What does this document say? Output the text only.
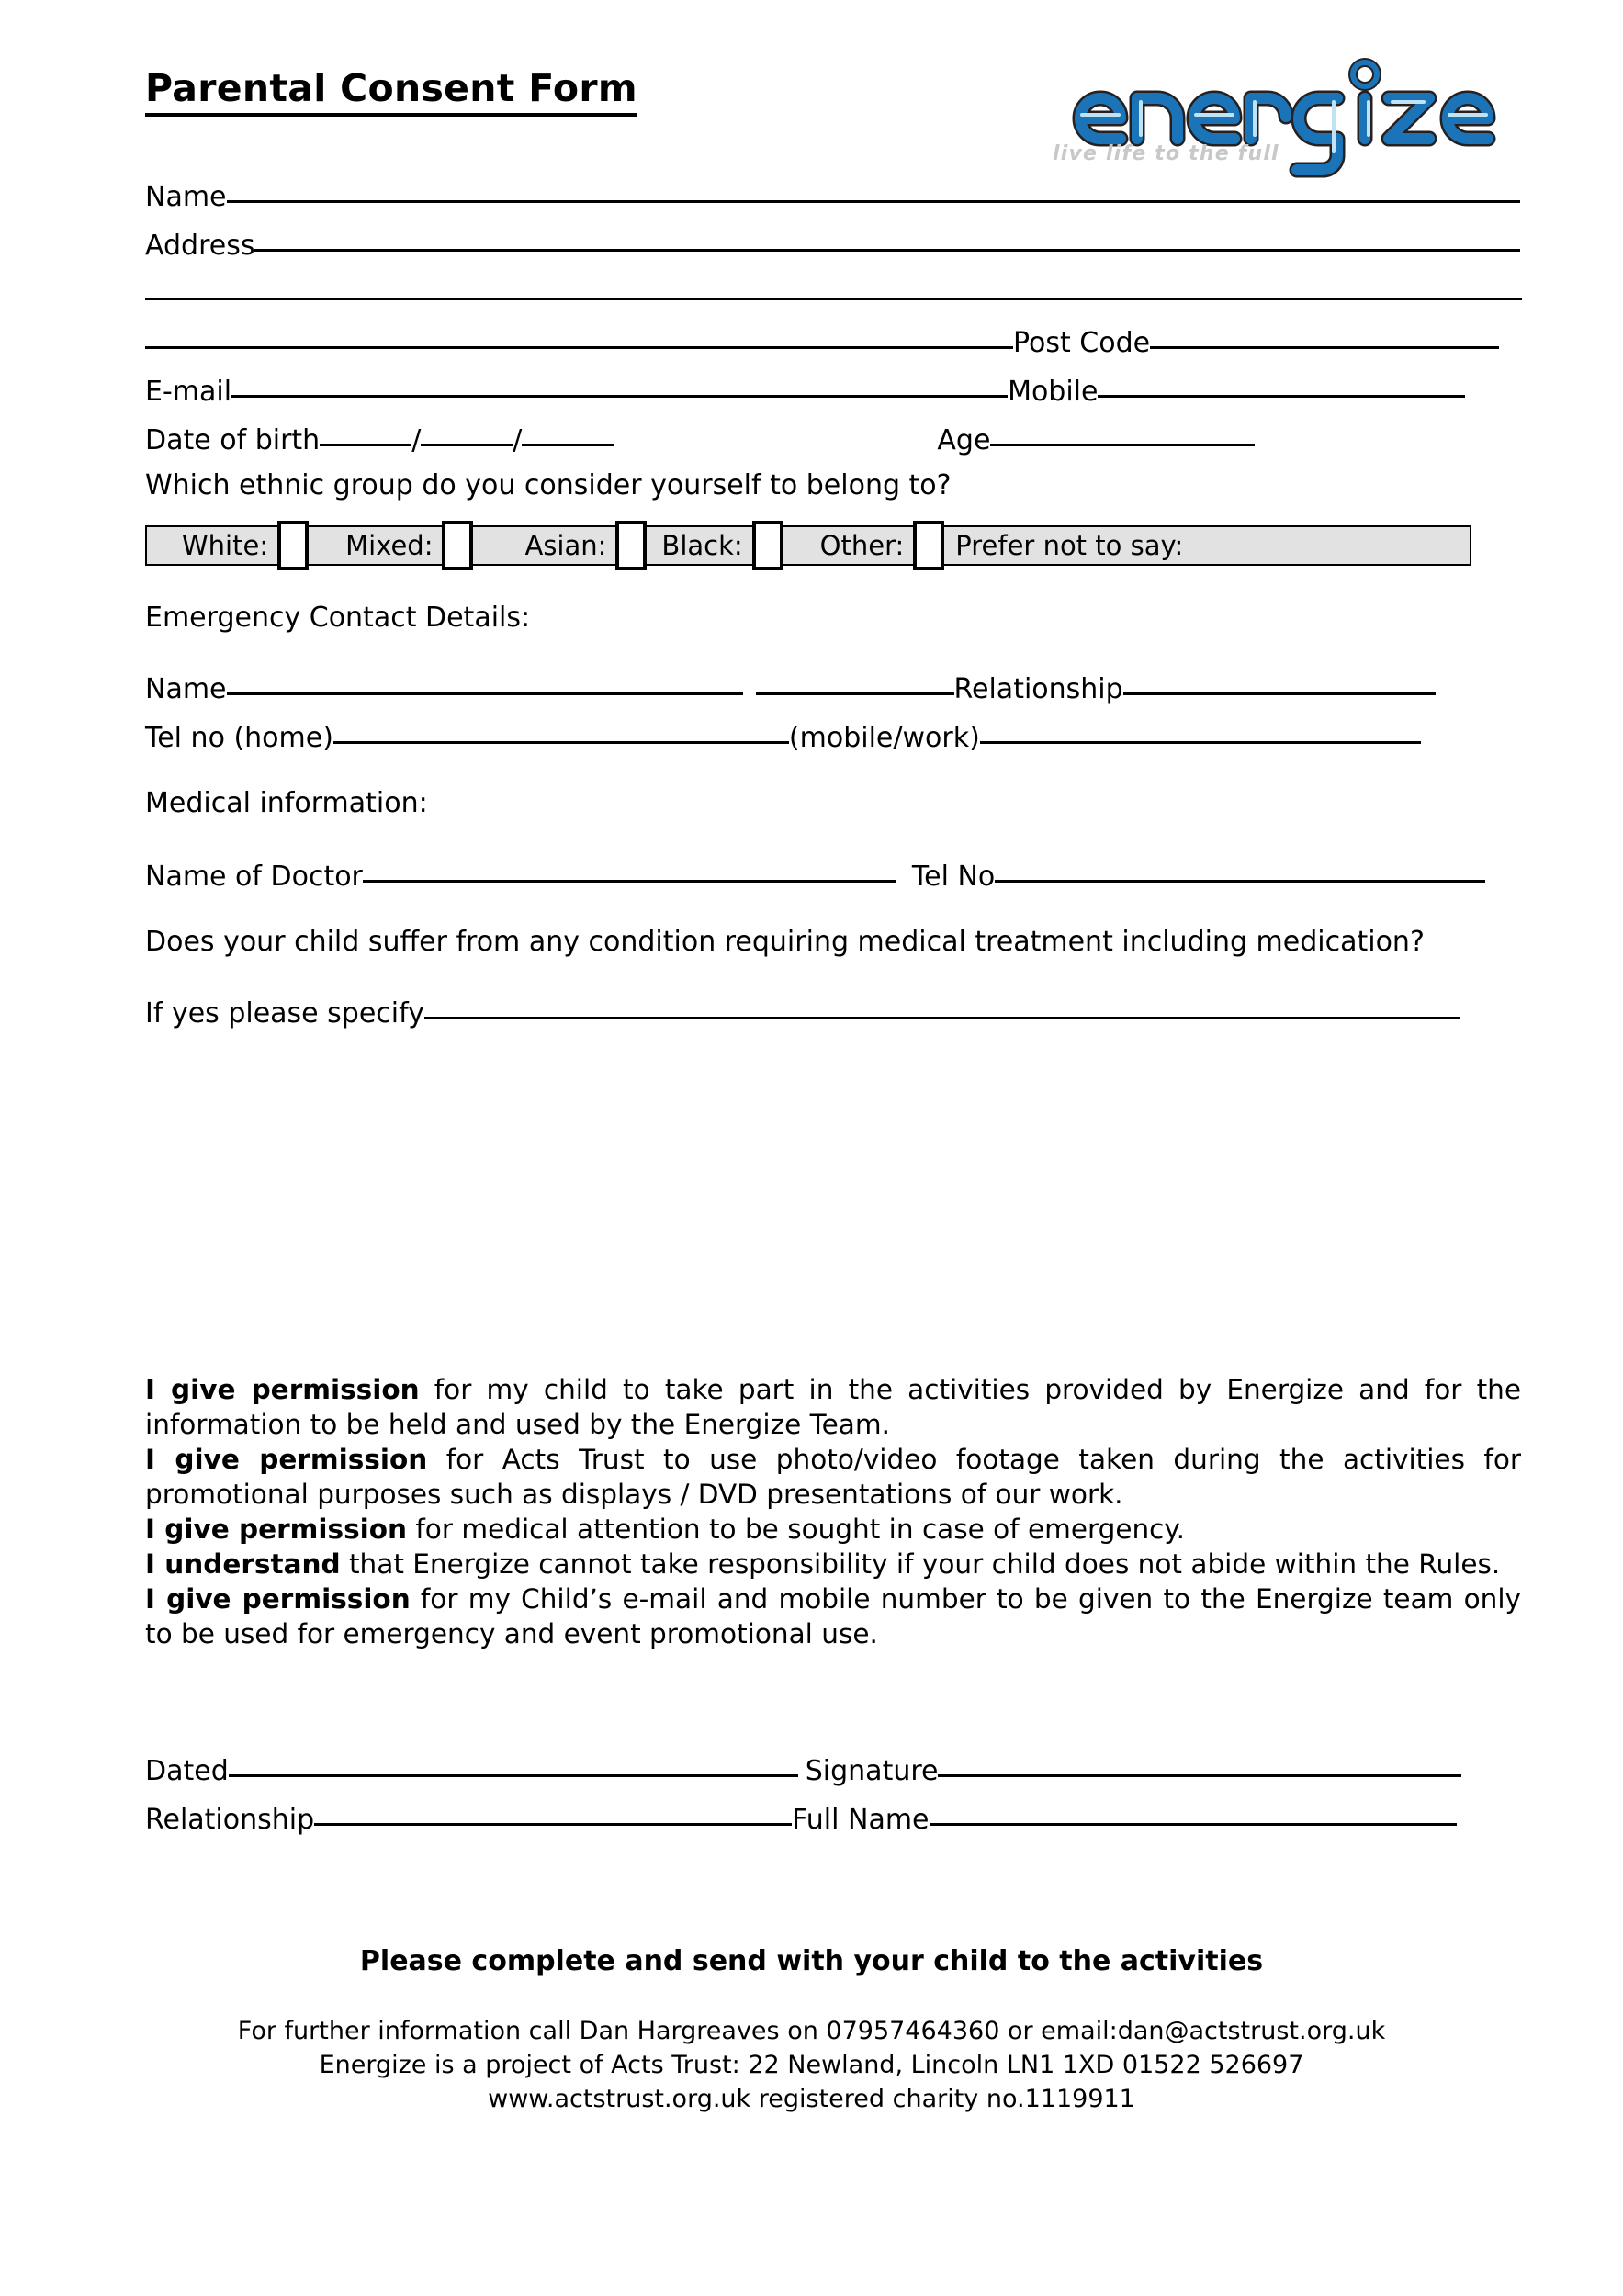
Parental Consent Form
live life to the full
Name
Address
Post Code
E-mail	Mobile
Date of birth	/	/	Age
Which ethnic group do you consider yourself to belong to?
White:	Mixed:	Asian:	Black:	Other:	Prefer not to say:
Emergency Contact Details:
Name	Relationship
Tel no (home)	(mobile/work)
Medical information:
Name of Doctor	Tel No
Does your child suffer from any condition requiring medical treatment including medication?
If yes please specify

I give permission for my child to take part in the activities provided by Energize and for the information to be held and used by the Energize Team.

I give permission for Acts Trust to use photo/video footage taken during the activities for promotional purposes such as displays / DVD presentations of our work.

I give permission for medical attention to be sought in case of emergency.

I understand that Energize cannot take responsibility if your child does not abide within the Rules.

I give permission for my Child’s e-mail and mobile number to be given to the Energize team only to be used for emergency and event promotional use.

Dated	Signature
Relationship	Full Name
Please complete and send with your child to the activities
For further information call Dan Hargreaves on 07957464360 or email:dan@actstrust.org.uk
Energize is a project of Acts Trust: 22 Newland, Lincoln LN1 1XD 01522 526697
www.actstrust.org.uk registered charity no.1119911
